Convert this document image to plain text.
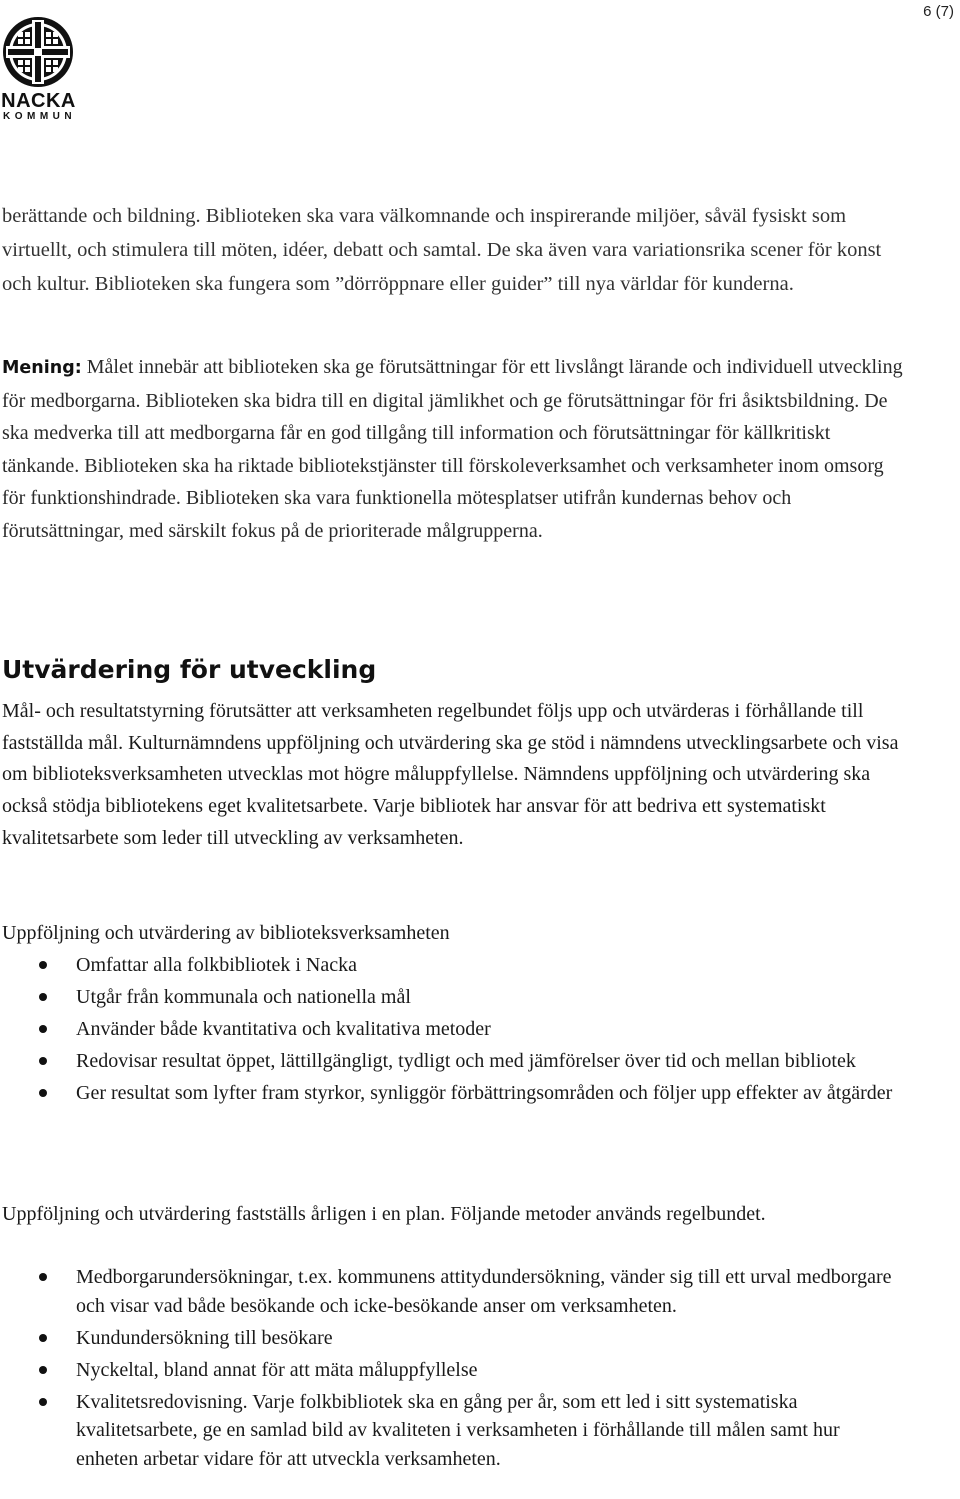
6 (7)
NACKA
KOMMUN

berättande och bildning. Biblioteken ska vara välkomnande och inspirerande miljöer, såväl fysiskt som virtuellt, och stimulera till möten, idéer, debatt och samtal. De ska även vara variationsrika scener för konst och kultur. Biblioteken ska fungera som ”dörröppnare eller guider” till nya världar för kunderna.

Mening: Målet innebär att biblioteken ska ge förutsättningar för ett livslångt lärande och individuell utveckling för medborgarna. Biblioteken ska bidra till en digital jämlikhet och ge förutsättningar för fri åsiktsbildning. De ska medverka till att medborgarna får en god tillgång till information och förutsättningar för källkritiskt tänkande. Biblioteken ska ha riktade bibliotekstjänster till förskoleverksamhet och verksamheter inom omsorg för funktionshindrade. Biblioteken ska vara funktionella mötesplatser utifrån kundernas behov och förutsättningar, med särskilt fokus på de prioriterade målgrupperna.

Utvärdering för utveckling

Mål- och resultatstyrning förutsätter att verksamheten regelbundet följs upp och utvärderas i förhållande till fastställda mål. Kulturnämndens uppföljning och utvärdering ska ge stöd i nämndens utvecklingsarbete och visa om biblioteksverksamheten utvecklas mot högre måluppfyllelse. Nämndens uppföljning och utvärdering ska också stödja bibliotekens eget kvalitetsarbete. Varje bibliotek har ansvar för att bedriva ett systematiskt kvalitetsarbete som leder till utveckling av verksamheten.

Uppföljning och utvärdering av biblioteksverksamheten

Omfattar alla folkbibliotek i Nacka
Utgår från kommunala och nationella mål
Använder både kvantitativa och kvalitativa metoder
Redovisar resultat öppet, lättillgängligt, tydligt och med jämförelser över tid och mellan bibliotek
Ger resultat som lyfter fram styrkor, synliggör förbättringsområden och följer upp effekter av åtgärder

Uppföljning och utvärdering fastställs årligen i en plan. Följande metoder används regelbundet.

Medborgarundersökningar, t.ex. kommunens attitydundersökning, vänder sig till ett urval medborgare och visar vad både besökande och icke-besökande anser om verksamheten.
Kundundersökning till besökare
Nyckeltal, bland annat för att mäta måluppfyllelse
Kvalitetsredovisning. Varje folkbibliotek ska en gång per år, som ett led i sitt systematiska kvalitetsarbete, ge en samlad bild av kvaliteten i verksamheten i förhållande till målen samt hur enheten arbetar vidare för att utveckla verksamheten.
